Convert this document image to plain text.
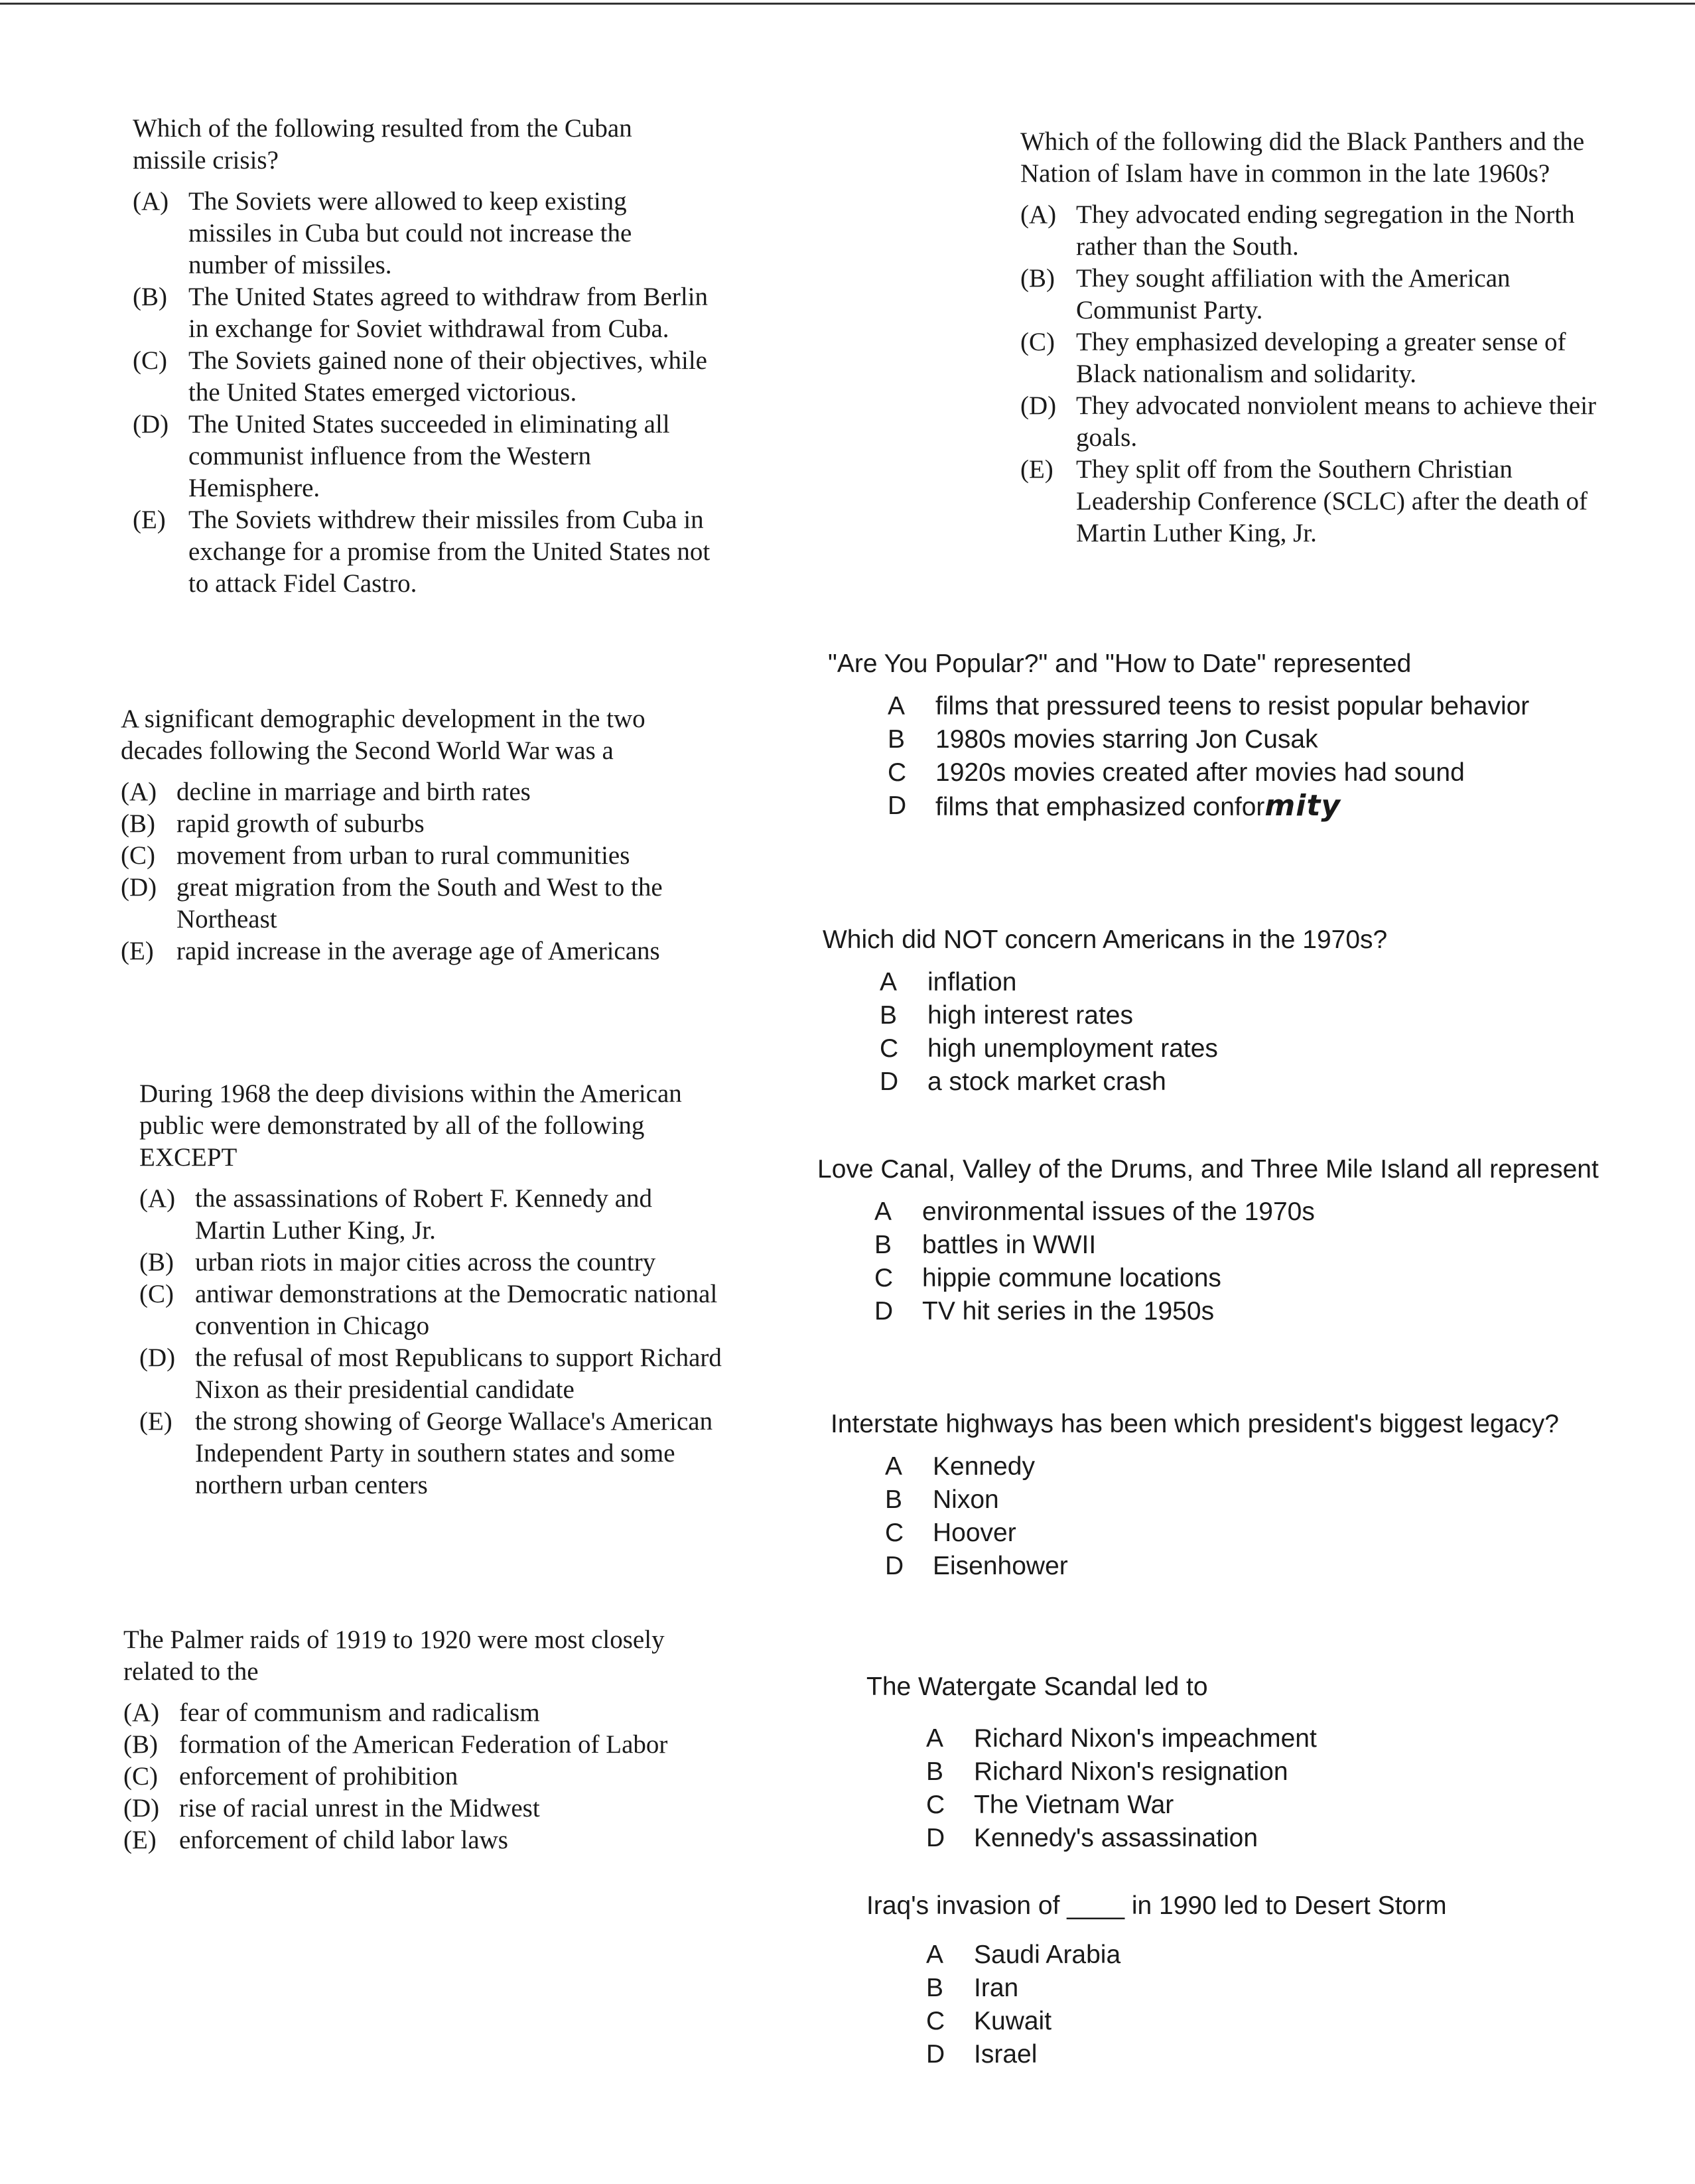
Which of the following resulted from the Cuban missile crisis?

(A) The Soviets were allowed to keep existing missiles in Cuba but could not increase the number of missiles.
(B) The United States agreed to withdraw from Berlin in exchange for Soviet withdrawal from Cuba.
(C) The Soviets gained none of their objectives, while the United States emerged victorious.
(D) The United States succeeded in eliminating all communist influence from the Western Hemisphere.
(E) The Soviets withdrew their missiles from Cuba in exchange for a promise from the United States not to attack Fidel Castro.

A significant demographic development in the two decades following the Second World War was a

(A) decline in marriage and birth rates
(B) rapid growth of suburbs
(C) movement from urban to rural communities
(D) great migration from the South and West to the Northeast
(E) rapid increase in the average age of Americans

During 1968 the deep divisions within the American public were demonstrated by all of the following EXCEPT

(A) the assassinations of Robert F. Kennedy and Martin Luther King, Jr.
(B) urban riots in major cities across the country
(C) antiwar demonstrations at the Democratic national convention in Chicago
(D) the refusal of most Republicans to support Richard Nixon as their presidential candidate
(E) the strong showing of George Wallace's American Independent Party in southern states and some northern urban centers

The Palmer raids of 1919 to 1920 were most closely related to the

(A) fear of communism and radicalism
(B) formation of the American Federation of Labor
(C) enforcement of prohibition
(D) rise of racial unrest in the Midwest
(E) enforcement of child labor laws

Which of the following did the Black Panthers and the Nation of Islam have in common in the late 1960s?

(A) They advocated ending segregation in the North rather than the South.
(B) They sought affiliation with the American Communist Party.
(C) They emphasized developing a greater sense of Black nationalism and solidarity.
(D) They advocated nonviolent means to achieve their goals.
(E) They split off from the Southern Christian Leadership Conference (SCLC) after the death of Martin Luther King, Jr.

"Are You Popular?" and "How to Date" represented

A	films that pressured teens to resist popular behavior
B	1980s movies starring Jon Cusak
C	1920s movies created after movies had sound
D	films that emphasized conformity

Which did NOT concern Americans in the 1970s?

A	inflation
B	high interest rates
C	high unemployment rates
D	a stock market crash

Love Canal, Valley of the Drums, and Three Mile Island all represent

A	environmental issues of the 1970s
B	battles in WWII
C	hippie commune locations
D	TV hit series in the 1950s

Interstate highways has been which president's biggest legacy?

A	Kennedy
B	Nixon
C	Hoover
D	Eisenhower

The Watergate Scandal led to

A	Richard Nixon's impeachment
B	Richard Nixon's resignation
C	The Vietnam War
D	Kennedy's assassination

Iraq's invasion of ____ in 1990 led to Desert Storm

A	Saudi Arabia
B	Iran
C	Kuwait
D	Israel
